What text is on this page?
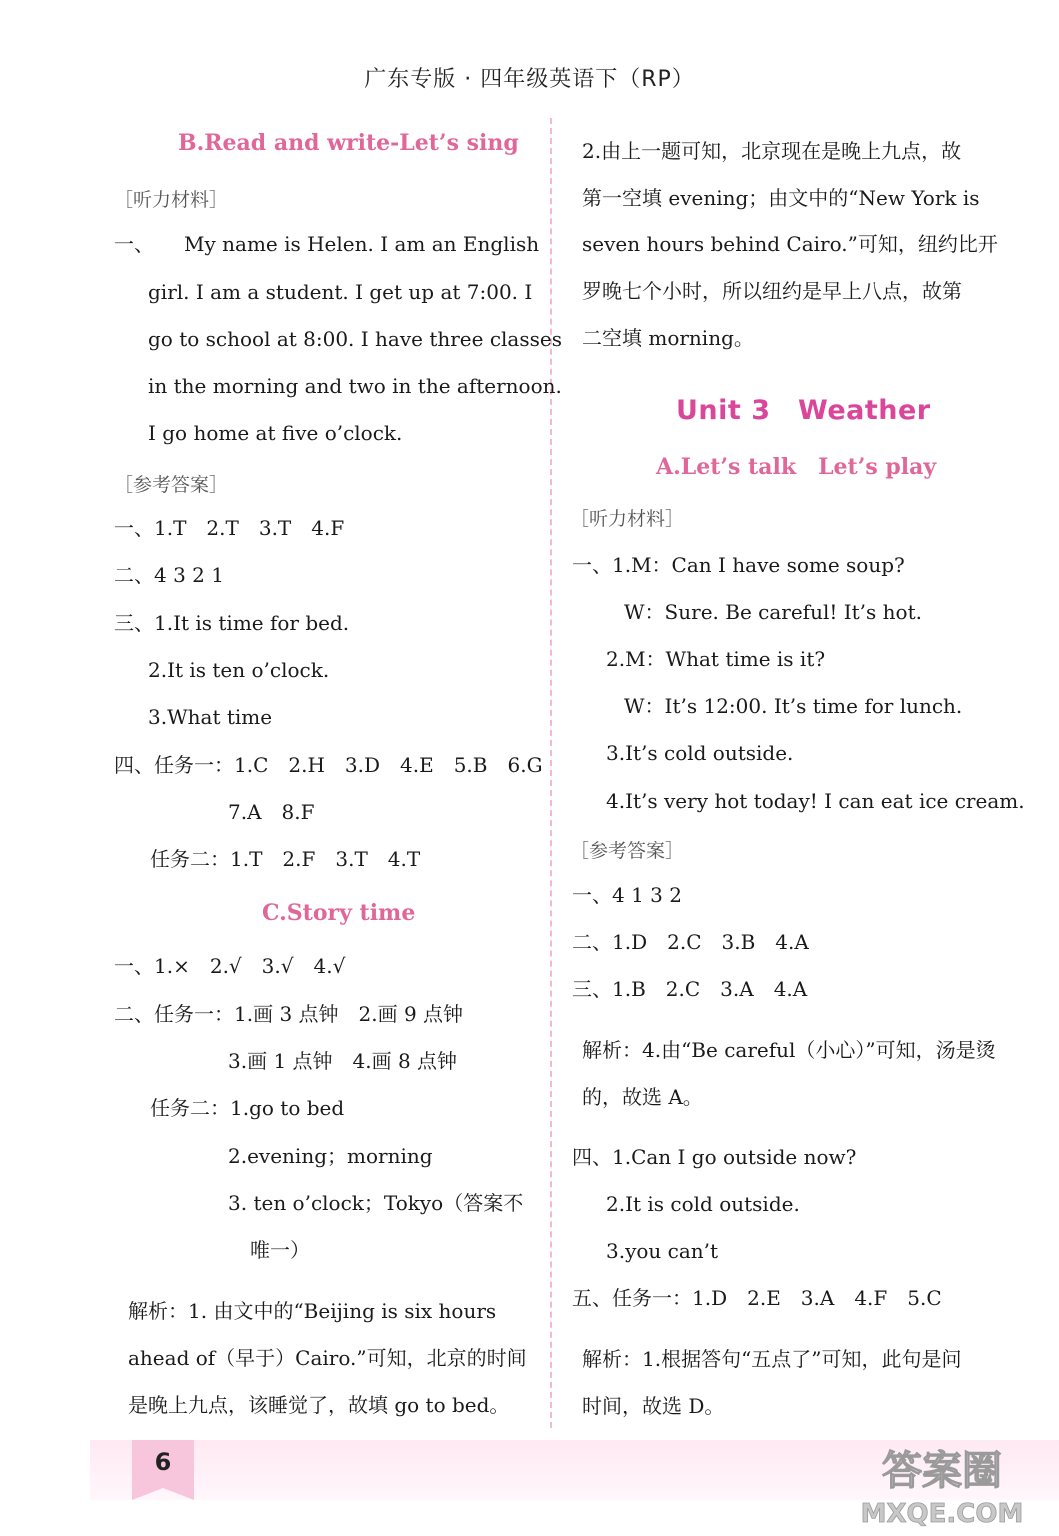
广东专版 · 四年级英语下（RP）
B.Read and write-Let’s sing
［听力材料］
一、　　My name is Helen. I am an English
girl. I am a student. I get up at 7:00. I
go to school at 8:00. I have three classes
in the morning and two in the afternoon.
I go home at five o’clock.
［参考答案］
一、1.T　2.T　3.T　4.F
二、4 3 2 1
三、1.It is time for bed.
2.It is ten o’clock.
3.What time
四、任务一：1.C　2.H　3.D　4.E　5.B　6.G
7.A　8.F
任务二：1.T　2.F　3.T　4.T
C.Story time
一、1.×　2.√　3.√　4.√
二、任务一：1.画 3 点钟　2.画 9 点钟
3.画 1 点钟　4.画 8 点钟
任务二：1.go to bed
2.evening；morning
3. ten o’clock；Tokyo（答案不
唯一）
解析：1. 由文中的“Beijing is six hours
ahead of（早于）Cairo.”可知，北京的时间
是晚上九点，该睡觉了，故填 go to bed。
2.由上一题可知，北京现在是晚上九点，故
第一空填 evening；由文中的“New York is
seven hours behind Cairo.”可知，纽约比开
罗晚七个小时，所以纽约是早上八点，故第
二空填 morning。
Unit 3　Weather
A.Let’s talk　Let’s play
［听力材料］
一、1.M：Can I have some soup?
W：Sure. Be careful! It’s hot.
2.M：What time is it?
W：It’s 12:00. It’s time for lunch.
3.It’s cold outside.
4.It’s very hot today! I can eat ice cream.
［参考答案］
一、4 1 3 2
二、1.D　2.C　3.B　4.A
三、1.B　2.C　3.A　4.A
解析：4.由“Be careful（小心）”可知，汤是烫
的，故选 A。
四、1.Can I go outside now?
2.It is cold outside.
3.you can’t
五、任务一：1.D　2.E　3.A　4.F　5.C
解析：1.根据答句“五点了”可知，此句是问
时间，故选 D。
6	答案圈
MXQE.COM
